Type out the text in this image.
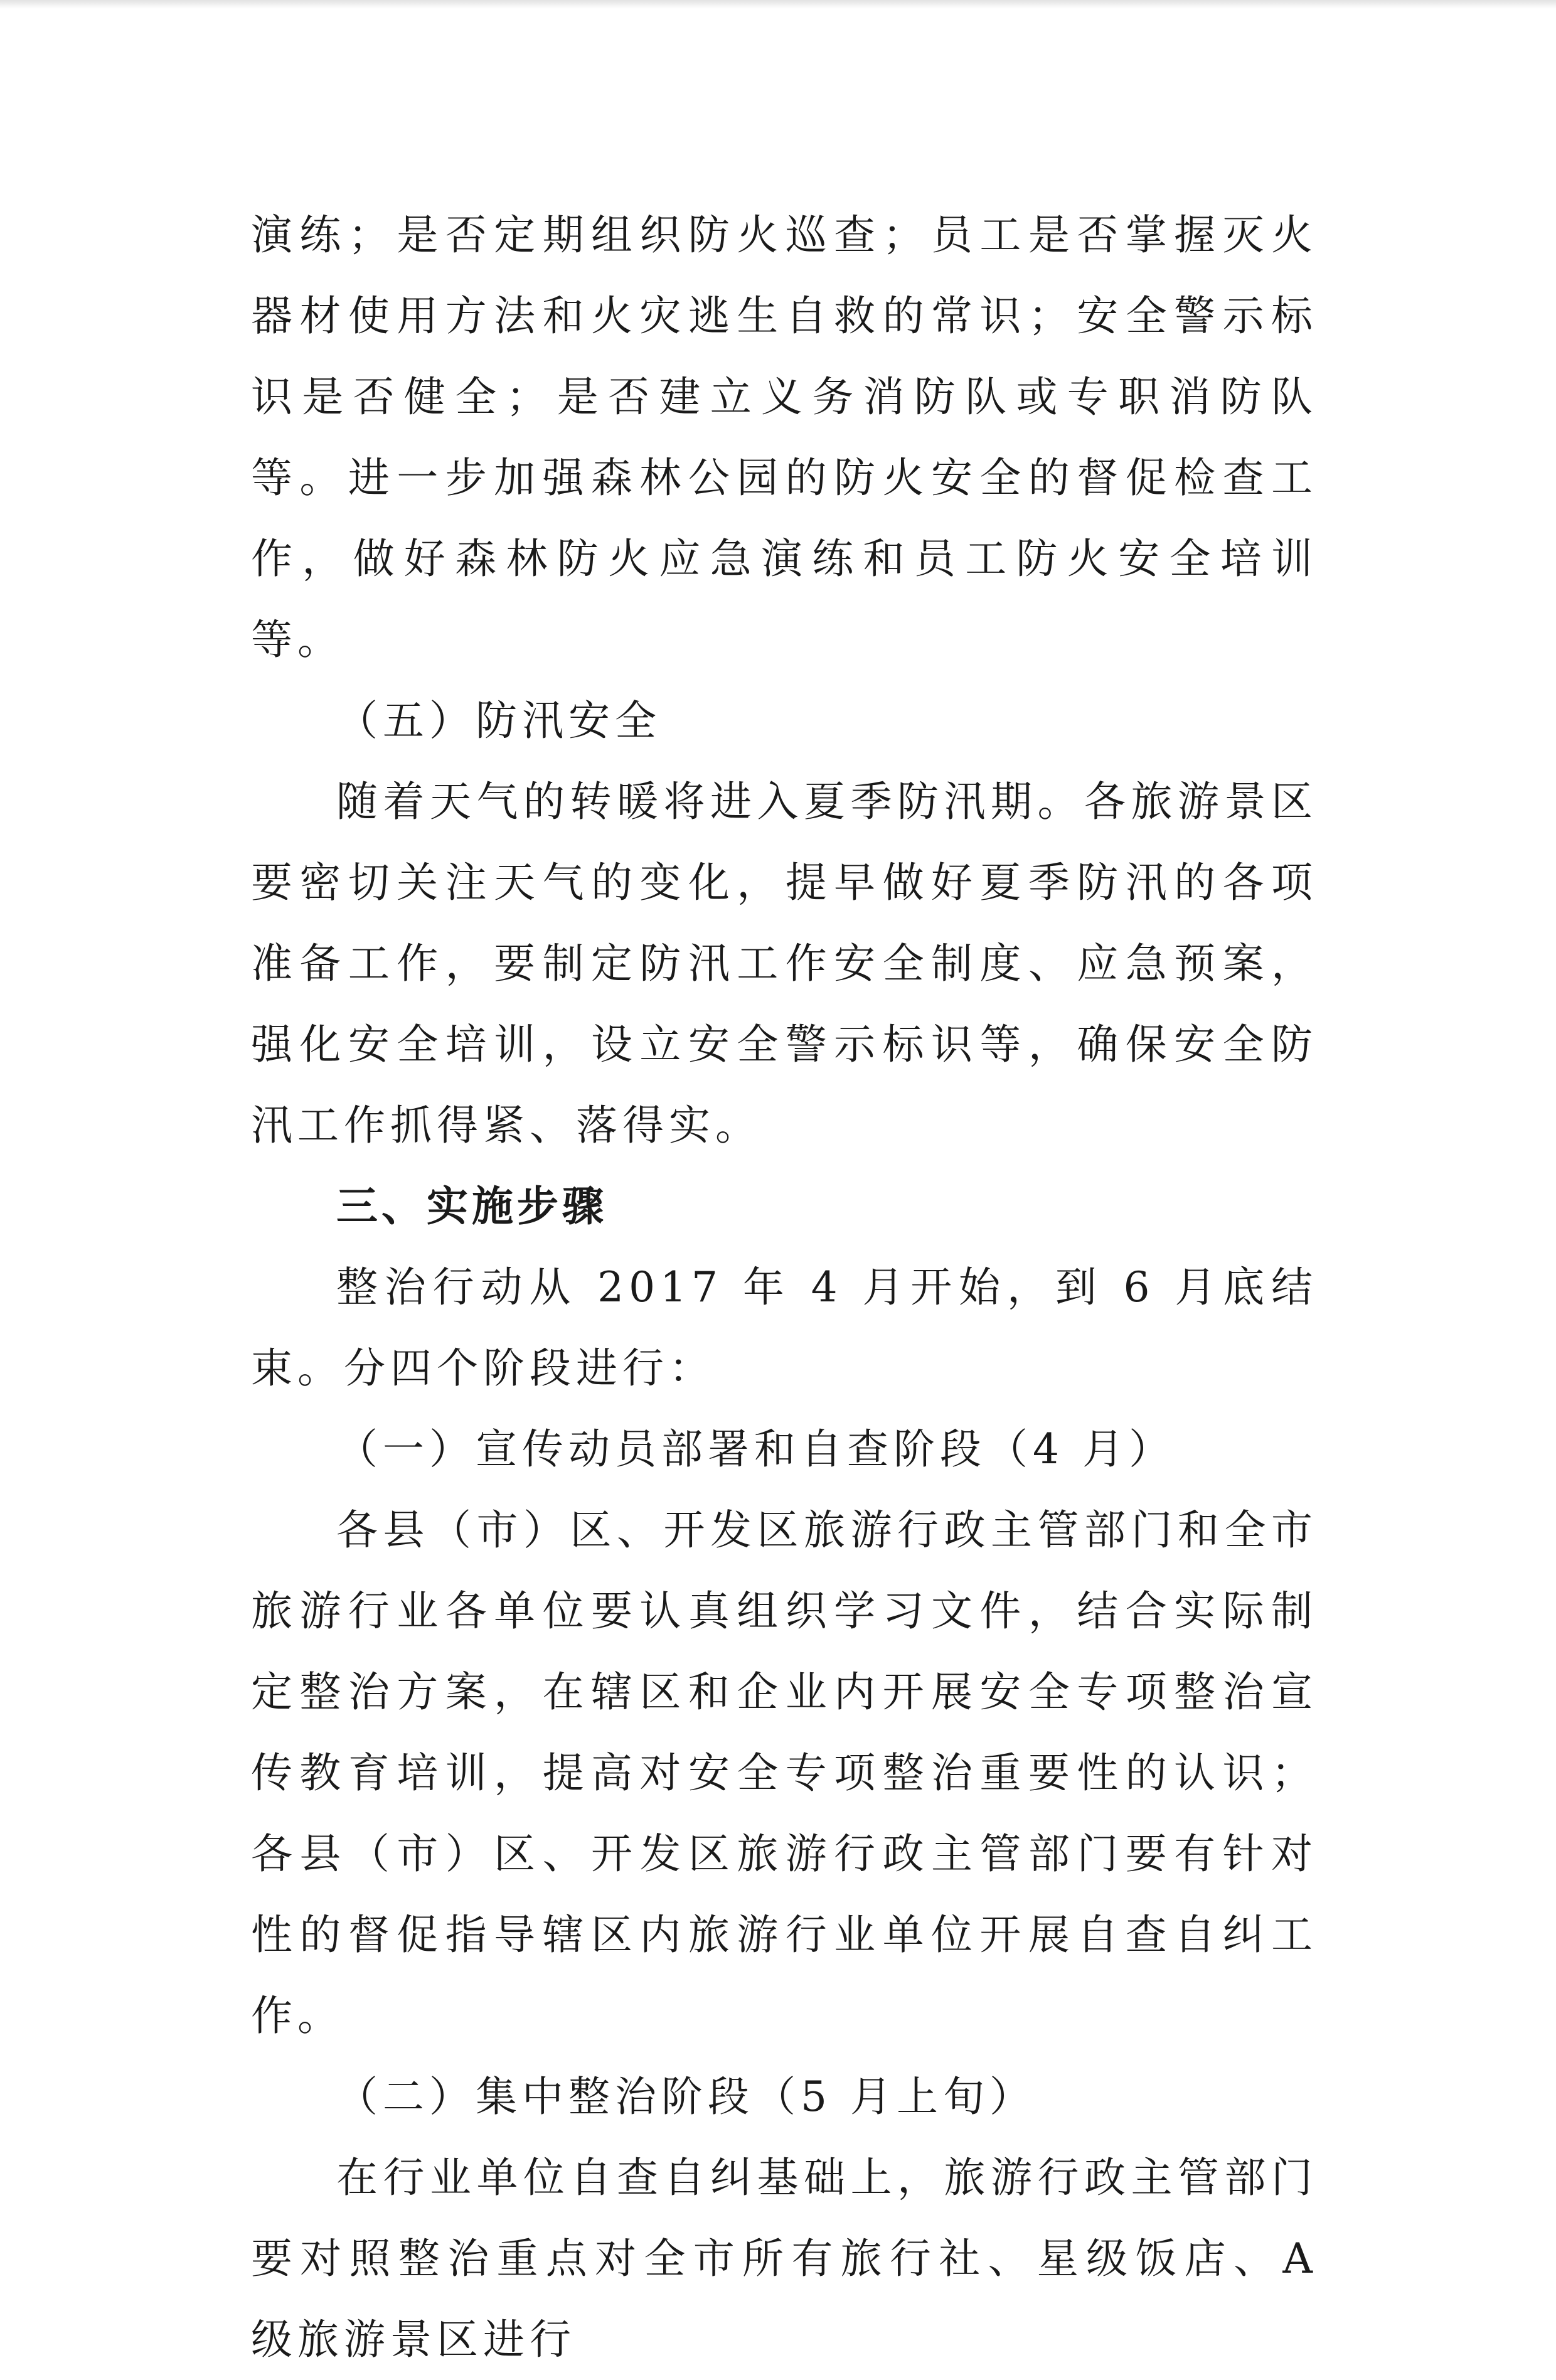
演练；是否定期组织防火巡查；员工是否掌握灭火器材使用方法和火灾逃生自救的常识；安全警示标识是否健全；是否建立义务消防队或专职消防队等。进一步加强森林公园的防火安全的督促检查工作，做好森林防火应急演练和员工防火安全培训等。

（五）防汛安全

随着天气的转暖将进入夏季防汛期。各旅游景区要密切关注天气的变化，提早做好夏季防汛的各项准备工作，要制定防汛工作安全制度、应急预案，强化安全培训，设立安全警示标识等，确保安全防汛工作抓得紧、落得实。

三、实施步骤

整治行动从 2017 年 4 月开始，到 6 月底结束。分四个阶段进行：

（一）宣传动员部署和自查阶段（4 月）

各县（市）区、开发区旅游行政主管部门和全市旅游行业各单位要认真组织学习文件，结合实际制定整治方案，在辖区和企业内开展安全专项整治宣传教育培训，提高对安全专项整治重要性的认识；各县（市）区、开发区旅游行政主管部门要有针对性的督促指导辖区内旅游行业单位开展自查自纠工作。

（二）集中整治阶段（5 月上旬）

在行业单位自查自纠基础上，旅游行政主管部门要对照整治重点对全市所有旅行社、星级饭店、A 级旅游景区进行
